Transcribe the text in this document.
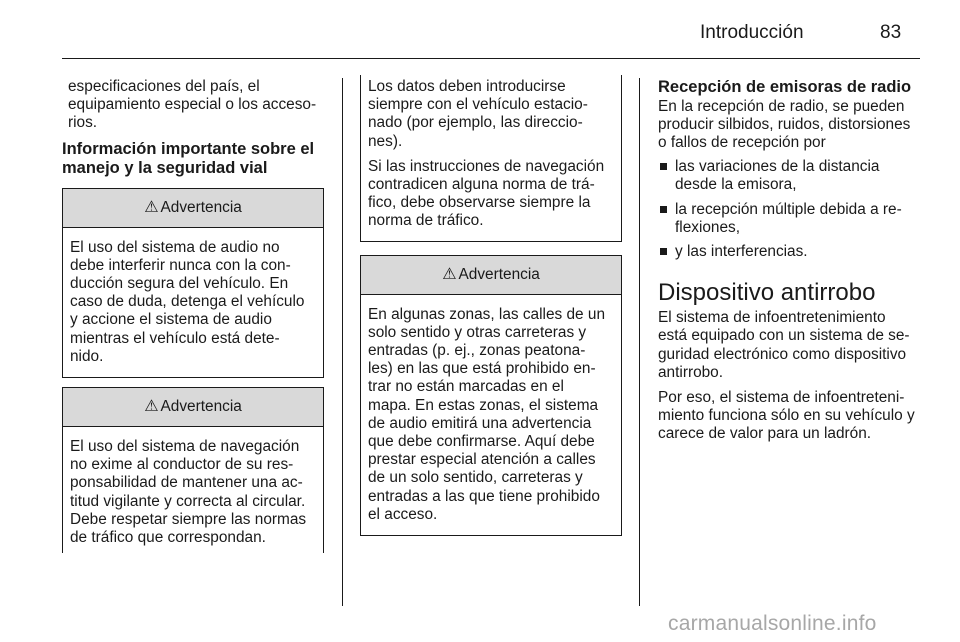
Introducción	83

especificaciones del país, el
equipamiento especial o los acceso-
rios.

Información importante sobre el
manejo y la seguridad vial

⚠ Advertencia
El uso del sistema de audio no
debe interferir nunca con la con-
ducción segura del vehículo. En
caso de duda, detenga el vehículo
y accione el sistema de audio
mientras el vehículo está dete-
nido.
⚠ Advertencia
El uso del sistema de navegación
no exime al conductor de su res-
ponsabilidad de mantener una ac-
titud vigilante y correcta al circular.
Debe respetar siempre las normas
de tráfico que correspondan.

Los datos deben introducirse
siempre con el vehículo estacio-
nado (por ejemplo, las direccio-
nes).

Si las instrucciones de navegación
contradicen alguna norma de trá-
fico, debe observarse siempre la
norma de tráfico.

⚠ Advertencia
En algunas zonas, las calles de un
solo sentido y otras carreteras y
entradas (p. ej., zonas peatona-
les) en las que está prohibido en-
trar no están marcadas en el
mapa. En estas zonas, el sistema
de audio emitirá una advertencia
que debe confirmarse. Aquí debe
prestar especial atención a calles
de un solo sentido, carreteras y
entradas a las que tiene prohibido
el acceso.

Recepción de emisoras de radio

En la recepción de radio, se pueden
producir silbidos, ruidos, distorsiones
o fallos de recepción por

las variaciones de la distancia
desde la emisora,
la recepción múltiple debida a re-
flexiones,
y las interferencias.

Dispositivo antirrobo

El sistema de infoentretenimiento
está equipado con un sistema de se-
guridad electrónico como dispositivo
antirrobo.

Por eso, el sistema de infoentreteni-
miento funciona sólo en su vehículo y
carece de valor para un ladrón.

carmanualsonline.info
